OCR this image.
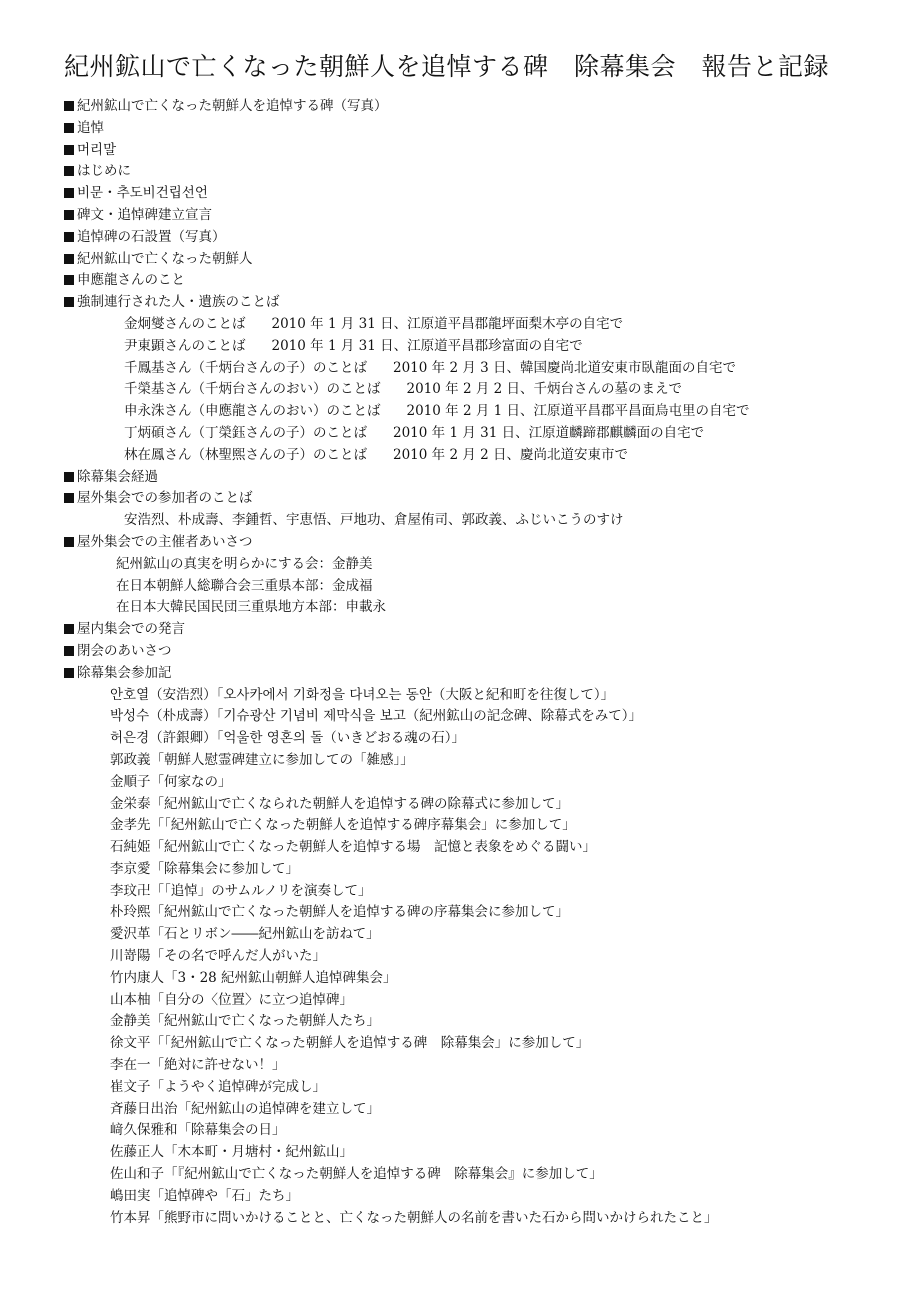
紀州鉱山で亡くなった朝鮮人を追悼する碑　除幕集会　報告と記録
紀州鉱山で亡くなった朝鮮人を追悼する碑（写真）
追悼
머리말
はじめに
비문・추도비건립선언
碑文・追悼碑建立宣言
追悼碑の石設置（写真）
紀州鉱山で亡くなった朝鮮人
申應龍さんのこと
強制連行された人・遺族のことば
金炯燮さんのことば 2010 年 1 月 31 日、江原道平昌郡龍坪面梨木亭の自宅で
尹東顕さんのことば 2010 年 1 月 31 日、江原道平昌郡珍富面の自宅で
千鳳基さん（千炳台さんの子）のことば 2010 年 2 月 3 日、韓国慶尚北道安東市臥龍面の自宅で
千榮基さん（千炳台さんのおい）のことば 2010 年 2 月 2 日、千炳台さんの墓のまえで
申永洙さん（申應龍さんのおい）のことば 2010 年 2 月 1 日、江原道平昌郡平昌面烏屯里の自宅で
丁炳碩さん（丁榮鈺さんの子）のことば 2010 年 1 月 31 日、江原道麟蹄郡麒麟面の自宅で
林在鳳さん（林聖煕さんの子）のことば 2010 年 2 月 2 日、慶尚北道安東市で
除幕集会経過
屋外集会での参加者のことば
安浩烈、朴成壽、李鍾哲、宇恵悟、戸地功、倉屋侑司、郭政義、ふじいこうのすけ
屋外集会での主催者あいさつ
紀州鉱山の真実を明らかにする会：金静美
在日本朝鮮人総聯合会三重県本部：金成福
在日本大韓民国民団三重県地方本部：申載永
屋内集会での発言
閉会のあいさつ
除幕集会参加記
안호열（安浩烈）「오사카에서 기화정을 다녀오는 동안（大阪と紀和町を往復して）」
박성수（朴成壽）「기슈광산 기념비 제막식을 보고（紀州鉱山の記念碑、除幕式をみて）」
허은경（許銀卿）「억울한 영혼의 돌（いきどおる魂の石）」
郭政義「朝鮮人慰霊碑建立に参加しての「雑感」」
金順子「何家なの」
金栄泰「紀州鉱山で亡くなられた朝鮮人を追悼する碑の除幕式に参加して」
金孝先「「紀州鉱山で亡くなった朝鮮人を追悼する碑序幕集会」に参加して」
石純姫「紀州鉱山で亡くなった朝鮮人を追悼する場　記憶と表象をめぐる闘い」
李京愛「除幕集会に参加して」
李玟卍「「追悼」のサムルノリを演奏して」
朴玲熙「紀州鉱山で亡くなった朝鮮人を追悼する碑の序幕集会に参加して」
愛沢革「石とリボン――紀州鉱山を訪ねて」
川嵜陽「その名で呼んだ人がいた」
竹内康人「3・28 紀州鉱山朝鮮人追悼碑集会」
山本柚「自分の〈位置〉に立つ追悼碑」
金静美「紀州鉱山で亡くなった朝鮮人たち」
徐文平「「紀州鉱山で亡くなった朝鮮人を追悼する碑　除幕集会」に参加して」
李在一「絶対に許せない！」
崔文子「ようやく追悼碑が完成し」
斉藤日出治「紀州鉱山の追悼碑を建立して」
﨑久保雅和「除幕集会の日」
佐藤正人「木本町・月塘村・紀州鉱山」
佐山和子「『紀州鉱山で亡くなった朝鮮人を追悼する碑　除幕集会』に参加して」
嶋田実「追悼碑や「石」たち」
竹本昇「熊野市に問いかけることと、亡くなった朝鮮人の名前を書いた石から問いかけられたこと」
